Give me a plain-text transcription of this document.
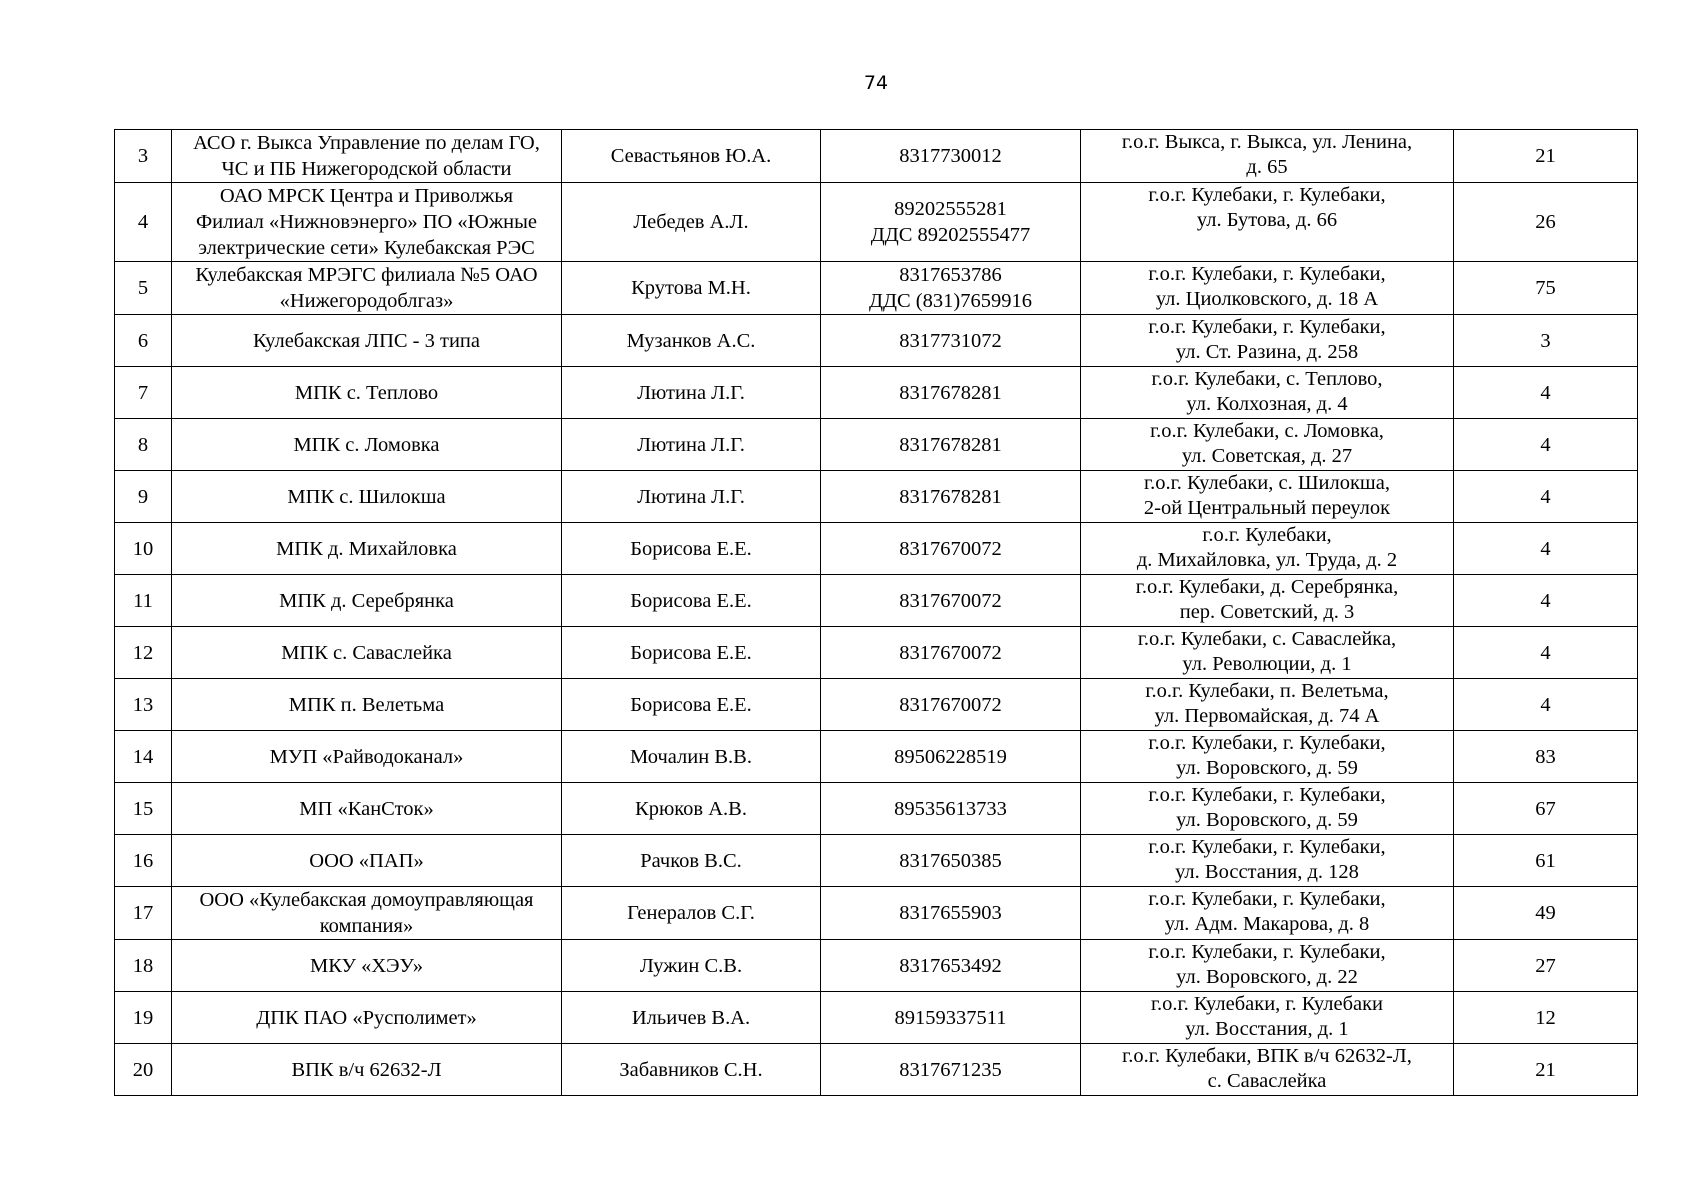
74
3	АСО г. Выкса Управление по делам ГО,
ЧС и ПБ Нижегородской области	Севастьянов Ю.А.	8317730012	г.о.г. Выкса, г. Выкса, ул. Ленина,
д. 65	21
4	ОАО МРСК Центра и Приволжья
Филиал «Нижновэнерго» ПО «Южные
электрические сети» Кулебакская РЭС	Лебедев А.Л.	89202555281
ДДС 89202555477	г.о.г. Кулебаки, г. Кулебаки,
ул. Бутова, д. 66	26
5	Кулебакская МРЭГС филиала №5 ОАО
«Нижегородоблгаз»	Крутова М.Н.	8317653786
ДДС (831)7659916	г.о.г. Кулебаки, г. Кулебаки,
ул. Циолковского, д. 18 А	75
6	Кулебакская ЛПС - 3 типа	Музанков А.С.	8317731072	г.о.г. Кулебаки, г. Кулебаки,
ул. Ст. Разина, д. 258	3
7	МПК с. Теплово	Лютина Л.Г.	8317678281	г.о.г. Кулебаки, с. Теплово,
ул. Колхозная, д. 4	4
8	МПК с. Ломовка	Лютина Л.Г.	8317678281	г.о.г. Кулебаки, с. Ломовка,
ул. Советская, д. 27	4
9	МПК с. Шилокша	Лютина Л.Г.	8317678281	г.о.г. Кулебаки, с. Шилокша,
2-ой Центральный переулок	4
10	МПК д. Михайловка	Борисова Е.Е.	8317670072	г.о.г. Кулебаки,
д. Михайловка, ул. Труда, д. 2	4
11	МПК д. Серебрянка	Борисова Е.Е.	8317670072	г.о.г. Кулебаки, д. Серебрянка,
пер. Советский, д. 3	4
12	МПК с. Саваслейка	Борисова Е.Е.	8317670072	г.о.г. Кулебаки, с. Саваслейка,
ул. Революции, д. 1	4
13	МПК п. Велетьма	Борисова Е.Е.	8317670072	г.о.г. Кулебаки, п. Велетьма,
ул. Первомайская, д. 74 А	4
14	МУП «Райводоканал»	Мочалин В.В.	89506228519	г.о.г. Кулебаки, г. Кулебаки,
ул. Воровского, д. 59	83
15	МП «КанСток»	Крюков А.В.	89535613733	г.о.г. Кулебаки, г. Кулебаки,
ул. Воровского, д. 59	67
16	ООО «ПАП»	Рачков В.С.	8317650385	г.о.г. Кулебаки, г. Кулебаки,
ул. Восстания, д. 128	61
17	ООО «Кулебакская домоуправляющая
компания»	Генералов С.Г.	8317655903	г.о.г. Кулебаки, г. Кулебаки,
ул. Адм. Макарова, д. 8	49
18	МКУ «ХЭУ»	Лужин С.В.	8317653492	г.о.г. Кулебаки, г. Кулебаки,
ул. Воровского, д. 22	27
19	ДПК ПАО «Русполимет»	Ильичев В.А.	89159337511	г.о.г. Кулебаки, г. Кулебаки
ул. Восстания, д. 1	12
20	ВПК в/ч 62632-Л	Забавников С.Н.	8317671235	г.о.г. Кулебаки, ВПК в/ч 62632-Л,
с. Саваслейка	21
